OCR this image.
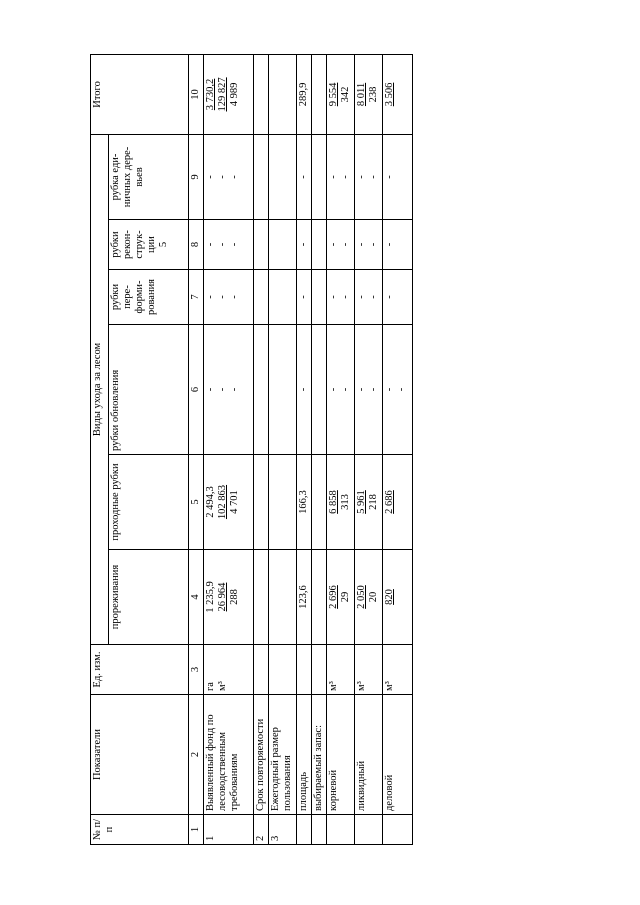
№ п/п	Показатели	Ед. изм.	Виды ухода за лесом						Итого
			прореживания	проходные рубки	рубки обновления	рубки пере-форми-рования	рубки рекон-струк-ции 5	рубка еди-ничных дере-вьев	
1	2	3	4	5	6	7	8	9	10
1	Выявленный фонд по лесоводственным требованиям	га м³	1 235,9 26 964 288	2 494,3 102 863 4 701	- - -	- - -	- - -	- - -	3 730,2 129 827 4 989

2	Срок повторяемости								
3	Ежегодный размер пользования								
	площадь		123,6	166,3	-	-	-	-	289,9
	выбираемый запас:								
	корневой	м³	2 696 29	6 858 313	- -	- -	- -	- -	9 554 342

	ликвидный	м³	2 050 20	5 961 218	- -	- -	- -	- -	8 011 238

	деловой	м³	820	2 686	- -	-	-	-	3 506
